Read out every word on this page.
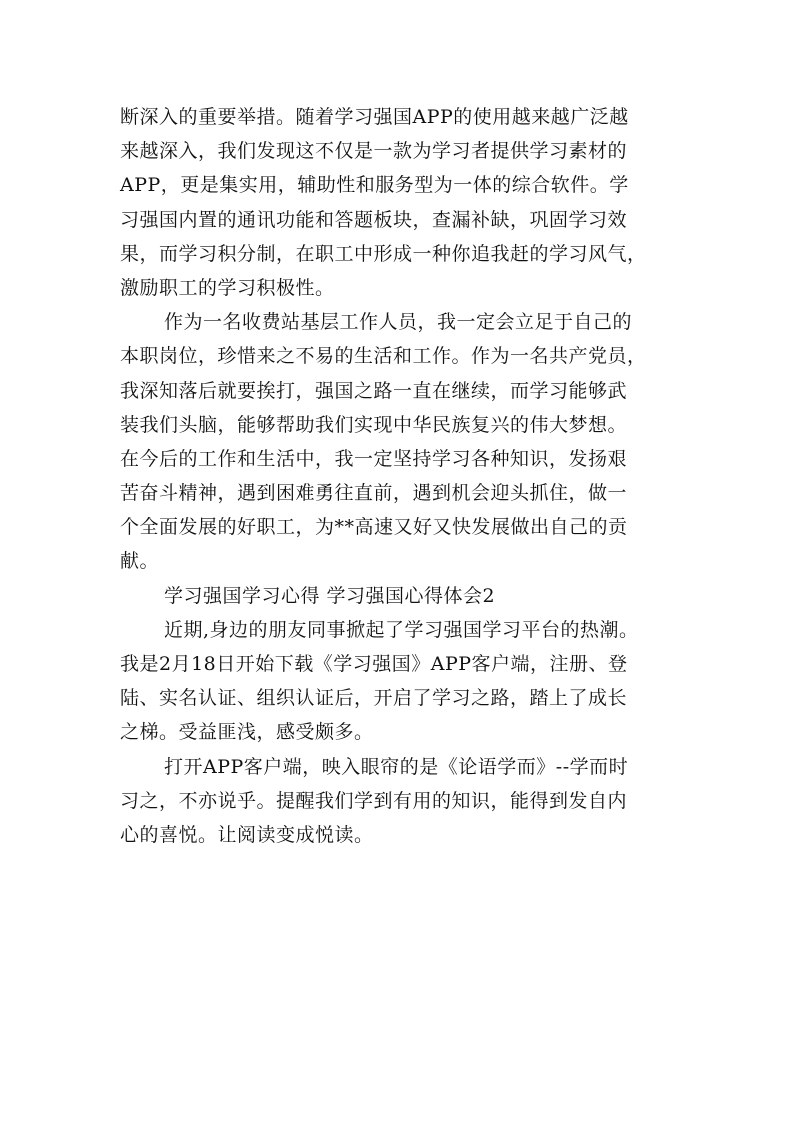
断深入的重要举措。随着学习强国APP的使用越来越广泛越
来越深入，我们发现这不仅是一款为学习者提供学习素材的
APP，更是集实用，辅助性和服务型为一体的综合软件。学
习强国内置的通讯功能和答题板块，查漏补缺，巩固学习效
果，而学习积分制，在职工中形成一种你追我赶的学习风气，
激励职工的学习积极性。
作为一名收费站基层工作人员，我一定会立足于自己的
本职岗位，珍惜来之不易的生活和工作。作为一名共产党员，
我深知落后就要挨打，强国之路一直在继续，而学习能够武
装我们头脑，能够帮助我们实现中华民族复兴的伟大梦想。
在今后的工作和生活中，我一定坚持学习各种知识，发扬艰
苦奋斗精神，遇到困难勇往直前，遇到机会迎头抓住，做一
个全面发展的好职工，为**高速又好又快发展做出自己的贡
献。
学习强国学习心得 学习强国心得体会2
近期,身边的朋友同事掀起了学习强国学习平台的热潮。
我是2月18日开始下载《学习强国》APP客户端，注册、登
陆、实名认证、组织认证后，开启了学习之路，踏上了成长
之梯。受益匪浅，感受颇多。
打开APP客户端，映入眼帘的是《论语学而》--学而时
习之，不亦说乎。提醒我们学到有用的知识，能得到发自内
心的喜悦。让阅读变成悦读。
